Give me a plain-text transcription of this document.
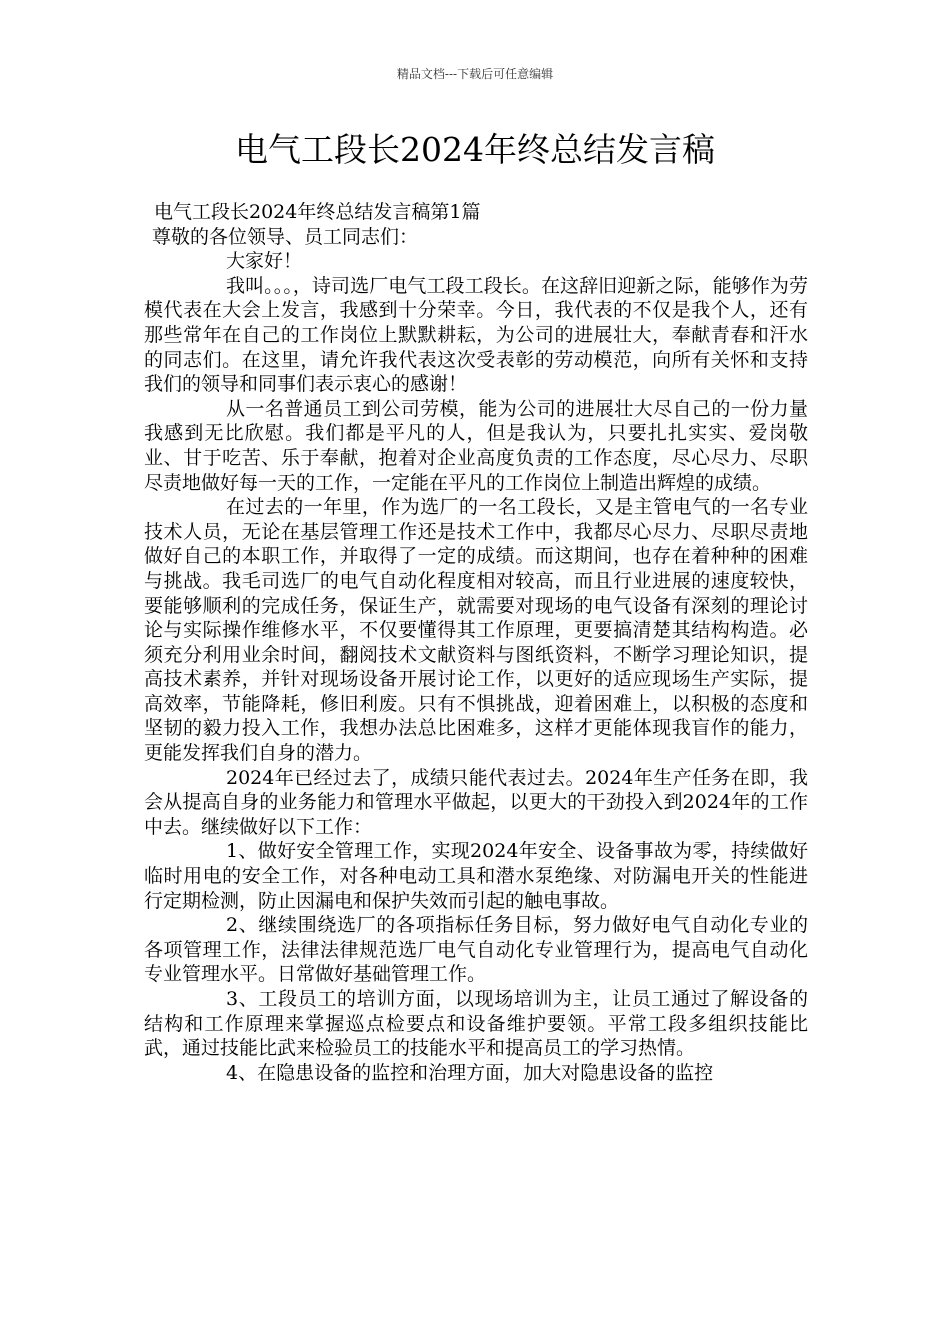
精品文档---下载后可任意编辑
电气工段长2024年终总结发言稿

电气工段长2024年终总结发言稿第1篇

尊敬的各位领导、员工同志们：

大家好！

我叫。。。，诗司选厂电气工段工段长。在这辞旧迎新之际，能够作为劳模代表在大会上发言，我感到十分荣幸。今日，我代表的不仅是我个人，还有那些常年在自己的工作岗位上默默耕耘，为公司的进展壮大，奉献青春和汗水的同志们。在这里，请允许我代表这次受表彰的劳动模范，向所有关怀和支持我们的领导和同事们表示衷心的感谢！

从一名普通员工到公司劳模，能为公司的进展壮大尽自己的一份力量我感到无比欣慰。我们都是平凡的人，但是我认为，只要扎扎实实、爱岗敬业、甘于吃苦、乐于奉献，抱着对企业高度负责的工作态度，尽心尽力、尽职尽责地做好每一天的工作，一定能在平凡的工作岗位上制造出辉煌的成绩。

在过去的一年里，作为选厂的一名工段长，又是主管电气的一名专业技术人员，无论在基层管理工作还是技术工作中，我都尽心尽力、尽职尽责地做好自己的本职工作，并取得了一定的成绩。而这期间，也存在着种种的困难与挑战。我毛司选厂的电气自动化程度相对较高，而且行业进展的速度较快，要能够顺利的完成任务，保证生产，就需要对现场的电气设备有深刻的理论讨论与实际操作维修水平，不仅要懂得其工作原理，更要搞清楚其结构构造。必须充分利用业余时间，翻阅技术文献资料与图纸资料，不断学习理论知识，提高技术素养，并针对现场设备开展讨论工作，以更好的适应现场生产实际，提高效率，节能降耗，修旧利废。只有不惧挑战，迎着困难上，以积极的态度和坚韧的毅力投入工作，我想办法总比困难多，这样才更能体现我盲作的能力，更能发挥我们自身的潜力。

2024年已经过去了，成绩只能代表过去。2024年生产任务在即，我会从提高自身的业务能力和管理水平做起，以更大的干劲投入到2024年的工作中去。继续做好以下工作：

1、做好安全管理工作，实现2024年安全、设备事故为零，持续做好临时用电的安全工作，对各种电动工具和潜水泵绝缘、对防漏电开关的性能进行定期检测，防止因漏电和保护失效而引起的触电事故。

2、继续围绕选厂的各项指标任务目标，努力做好电气自动化专业的各项管理工作，法律法律规范选厂电气自动化专业管理行为，提高电气自动化专业管理水平。日常做好基础管理工作。

3、工段员工的培训方面，以现场培训为主，让员工通过了解设备的结构和工作原理来掌握巡点检要点和设备维护要领。平常工段多组织技能比武，通过技能比武来检验员工的技能水平和提高员工的学习热情。

4、在隐患设备的监控和治理方面，加大对隐患设备的监控
